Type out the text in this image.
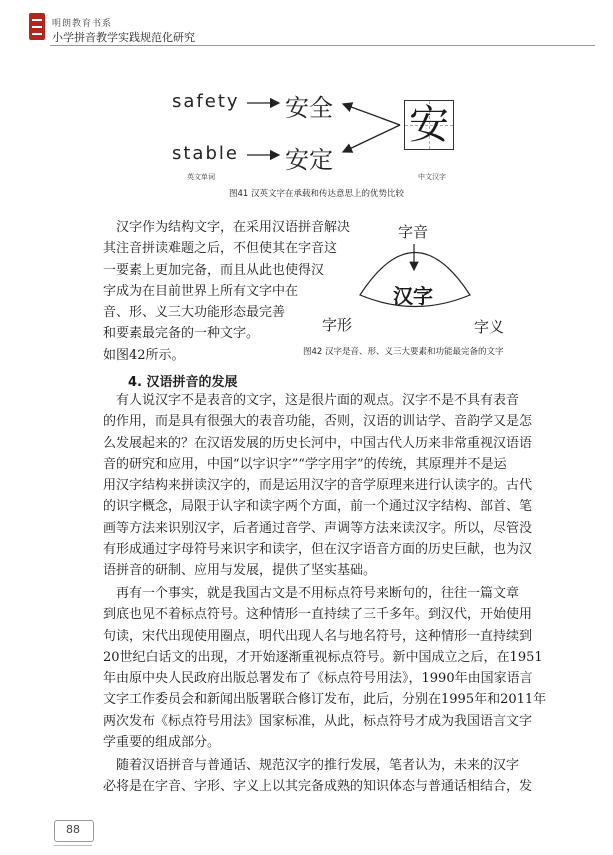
明朗教育书系
小学拼音教学实践规范化研究
safety
stable
安全
安定
安
英文单词	中文汉字
图41 汉英文字在承载和传达意思上的优势比较
汉字作为结构文字，在采用汉语拼音解决
其注音拼读难题之后，不但使其在字音这
一要素上更加完备，而且从此也使得汉
字成为在目前世界上所有文字中在
音、形、义三大功能形态最完善
和要素最完备的一种文字。
如图42所示。
字音
汉字
字形	字义
图42 汉字是音、形、义三大要素和功能最完备的文字
4. 汉语拼音的发展
有人说汉字不是表音的文字，这是很片面的观点。汉字不是不具有表音
的作用，而是具有很强大的表音功能，否则，汉语的训诂学、音韵学又是怎
么发展起来的？在汉语发展的历史长河中，中国古代人历来非常重视汉语语
音的研究和应用，中国“以字识字”“学字用字”的传统，其原理并不是运
用汉字结构来拼读汉字的，而是运用汉字的音学原理来进行认读字的。古代
的识字概念，局限于认字和读字两个方面，前一个通过汉字结构、部首、笔
画等方法来识别汉字，后者通过音学、声调等方法来读汉字。所以，尽管没
有形成通过字母符号来识字和读字，但在汉字语音方面的历史巨献，也为汉
语拼音的研制、应用与发展，提供了坚实基础。
再有一个事实，就是我国古文是不用标点符号来断句的，往往一篇文章
到底也见不着标点符号。这种情形一直持续了三千多年。到汉代，开始使用
句读，宋代出现使用圈点，明代出现人名与地名符号，这种情形一直持续到
20世纪白话文的出现，才开始逐渐重视标点符号。新中国成立之后，在1951
年由原中央人民政府出版总署发布了《标点符号用法》，1990年由国家语言
文字工作委员会和新闻出版署联合修订发布，此后，分别在1995年和2011年
两次发布《标点符号用法》国家标准，从此，标点符号才成为我国语言文字
学重要的组成部分。
随着汉语拼音与普通话、规范汉字的推行发展，笔者认为，未来的汉字
必将是在字音、字形、字义上以其完备成熟的知识体态与普通话相结合，发
88
